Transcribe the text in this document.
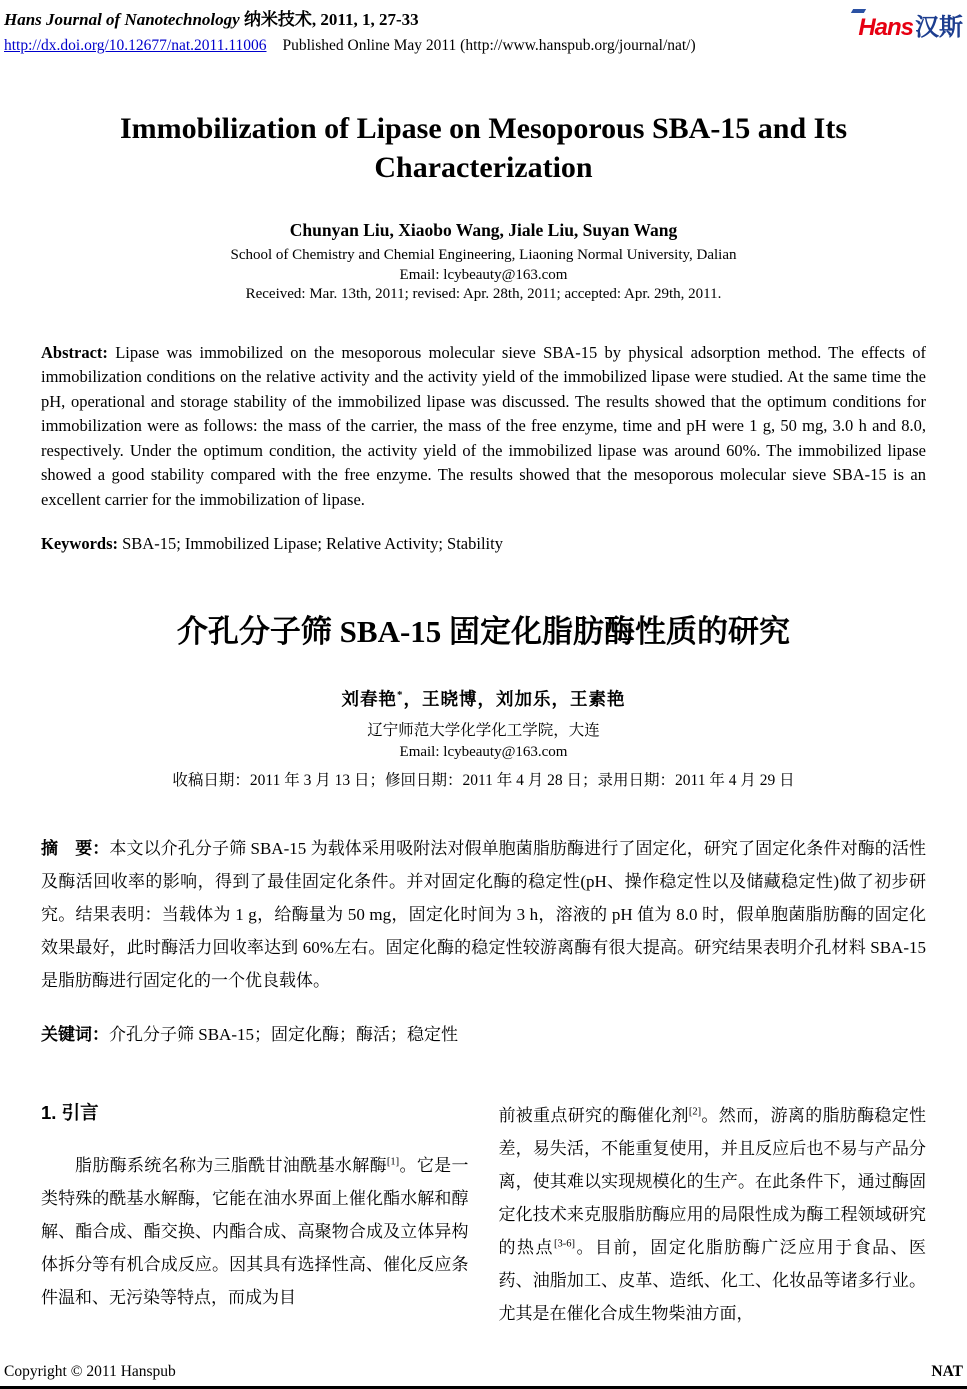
Hans Journal of Nanotechnology 纳米技术, 2011, 1, 27-33
http://dx.doi.org/10.12677/nat.2011.11006 Published Online May 2011 (http://www.hanspub.org/journal/nat/)
Hans汉斯
Immobilization of Lipase on Mesoporous SBA-15 and Its Characterization
Chunyan Liu, Xiaobo Wang, Jiale Liu, Suyan Wang
School of Chemistry and Chemial Engineering, Liaoning Normal University, Dalian
Email: lcybeauty@163.com
Received: Mar. 13th, 2011; revised: Apr. 28th, 2011; accepted: Apr. 29th, 2011.

Abstract: Lipase was immobilized on the mesoporous molecular sieve SBA-15 by physical adsorption method. The effects of immobilization conditions on the relative activity and the activity yield of the immobilized lipase were studied. At the same time the pH, operational and storage stability of the immobilized lipase was discussed. The results showed that the optimum conditions for immobilization were as follows: the mass of the carrier, the mass of the free enzyme, time and pH were 1 g, 50 mg, 3.0 h and 8.0, respectively. Under the optimum condition, the activity yield of the immobilized lipase was around 60%. The immobilized lipase showed a good stability compared with the free enzyme. The results showed that the mesoporous molecular sieve SBA-15 is an excellent carrier for the immobilization of lipase.

Keywords: SBA-15; Immobilized Lipase; Relative Activity; Stability

介孔分子筛 SBA-15 固定化脂肪酶性质的研究
刘春艳*，王晓博，刘加乐，王素艳
辽宁师范大学化学化工学院，大连
Email: lcybeauty@163.com
收稿日期：2011 年 3 月 13 日；修回日期：2011 年 4 月 28 日；录用日期：2011 年 4 月 29 日

摘　要：本文以介孔分子筛 SBA-15 为载体采用吸附法对假单胞菌脂肪酶进行了固定化，研究了固定化条件对酶的活性及酶活回收率的影响，得到了最佳固定化条件。并对固定化酶的稳定性(pH、操作稳定性以及储藏稳定性)做了初步研究。结果表明：当载体为 1 g，给酶量为 50 mg，固定化时间为 3 h，溶液的 pH 值为 8.0 时，假单胞菌脂肪酶的固定化效果最好，此时酶活力回收率达到 60%左右。固定化酶的稳定性较游离酶有很大提高。研究结果表明介孔材料 SBA-15 是脂肪酶进行固定化的一个优良载体。

关键词：介孔分子筛 SBA-15；固定化酶；酶活；稳定性

1. 引言

脂肪酶系统名称为三脂酰甘油酰基水解酶[1]。它是一类特殊的酰基水解酶，它能在油水界面上催化酯水解和醇解、酯合成、酯交换、内酯合成、高聚物合成及立体异构体拆分等有机合成反应。因其具有选择性高、催化反应条件温和、无污染等特点，而成为目

前被重点研究的酶催化剂[2]。然而，游离的脂肪酶稳定性差，易失活，不能重复使用，并且反应后也不易与产品分离，使其难以实现规模化的生产。在此条件下，通过酶固定化技术来克服脂肪酶应用的局限性成为酶工程领域研究的热点[3-6]。目前，固定化脂肪酶广泛应用于食品、医药、油脂加工、皮革、造纸、化工、化妆品等诸多行业。尤其是在催化合成生物柴油方面，

Copyright © 2011 Hanspub	NAT
